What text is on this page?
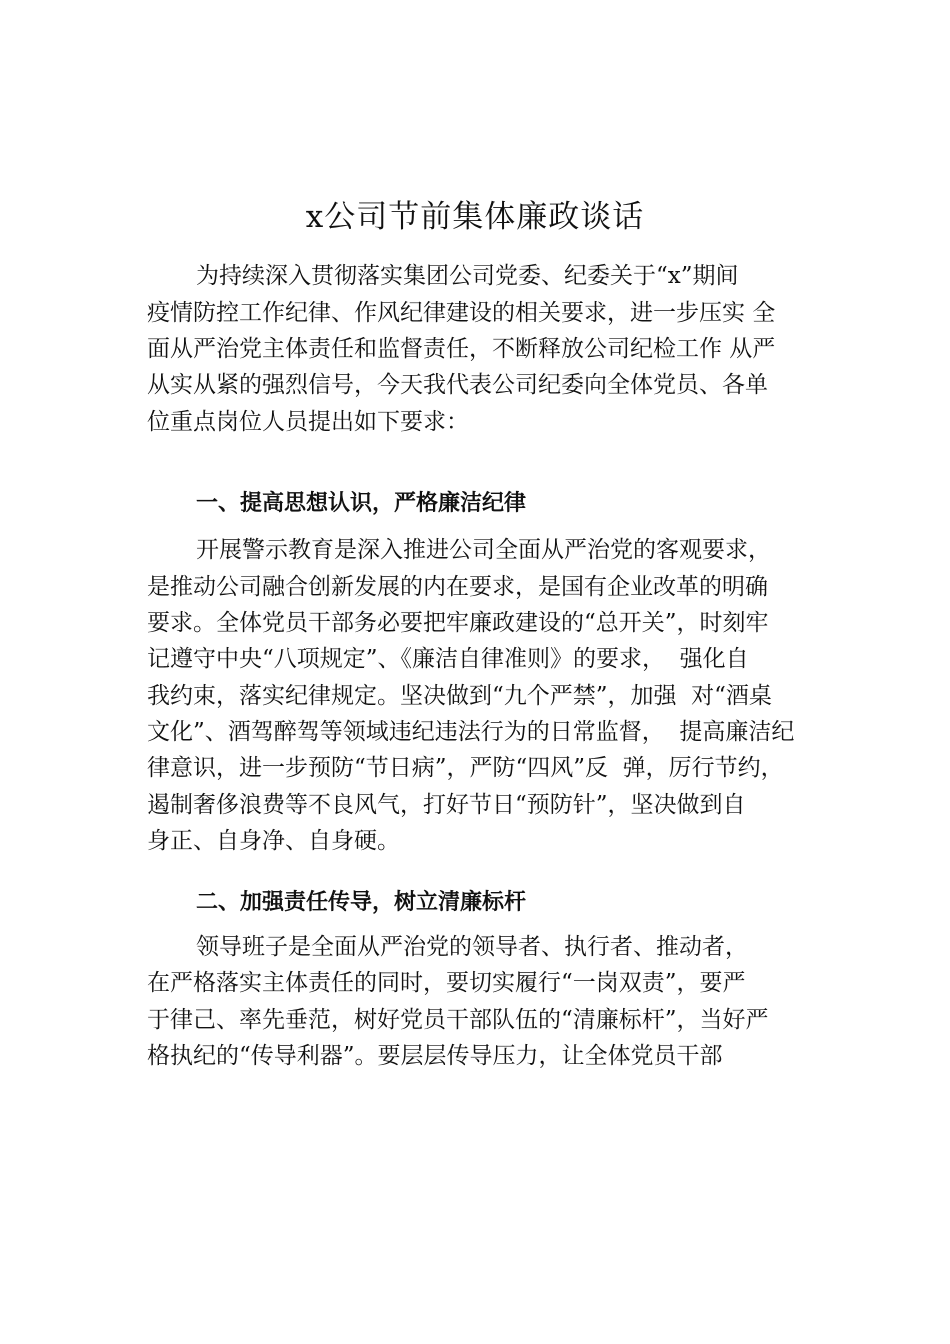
x公司节前集体廉政谈话
为持续深入贯彻落实集团公司党委、纪委关于“x”期间
疫情防控工作纪律、作风纪律建设的相关要求，进一步压实 全
面从严治党主体责任和监督责任，不断释放公司纪检工作 从严
从实从紧的强烈信号，今天我代表公司纪委向全体党员、各单
位重点岗位人员提出如下要求：
一、提高思想认识，严格廉洁纪律
开展警示教育是深入推进公司全面从严治党的客观要求，
是推动公司融合创新发展的内在要求，是国有企业改革的明确
要求。全体党员干部务必要把牢廉政建设的“总开关”，时刻牢
记遵守中央“八项规定”、《廉洁自律准则》的要求，  强化自
我约束，落实纪律规定。坚决做到“九个严禁”，加强  对“酒桌
文化”、酒驾醉驾等领域违纪违法行为的日常监督，  提高廉洁纪
律意识，进一步预防“节日病”，严防“四风”反  弹，厉行节约，
遏制奢侈浪费等不良风气，打好节日“预防针”，坚决做到自
身正、自身净、自身硬。
二、加强责任传导，树立清廉标杆
领导班子是全面从严治党的领导者、执行者、推动者，
在严格落实主体责任的同时，要切实履行“一岗双责”，要严
于律己、率先垂范，树好党员干部队伍的“清廉标杆”，当好严
格执纪的“传导利器”。要层层传导压力，让全体党员干部
